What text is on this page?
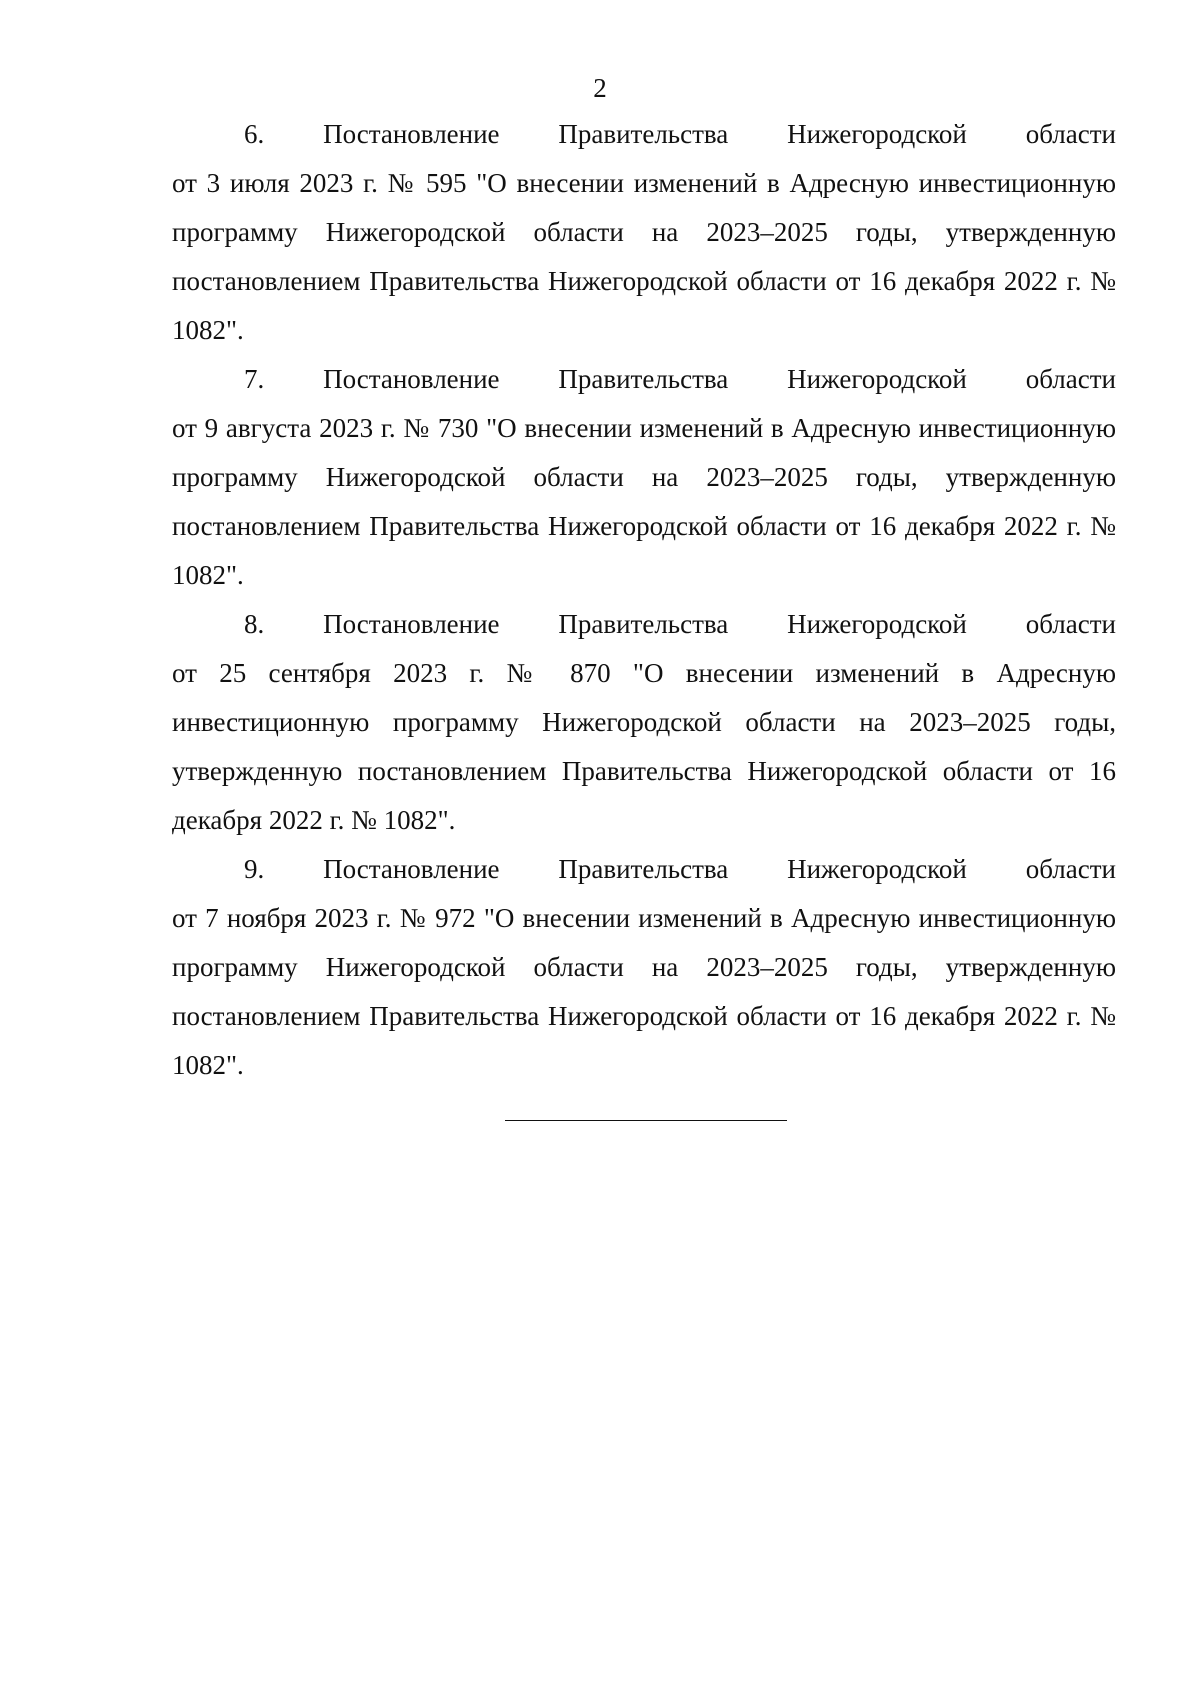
2

6. Постановление Правительства Нижегородской области
от 3 июля 2023 г. № 595 "О внесении изменений в Адресную инвестиционную программу Нижегородской области на 2023–2025 годы, утвержденную постановлением Правительства Нижегородской области от 16 декабря 2022 г. № 1082".

7. Постановление Правительства Нижегородской области
от 9 августа 2023 г. № 730 "О внесении изменений в Адресную инвестиционную программу Нижегородской области на 2023–2025 годы, утвержденную постановлением Правительства Нижегородской области от 16 декабря 2022 г. № 1082".

8. Постановление Правительства Нижегородской области
от 25 сентября 2023 г. № 870 "О внесении изменений в Адресную инвестиционную программу Нижегородской области на 2023–2025 годы, утвержденную постановлением Правительства Нижегородской области от 16 декабря 2022 г. № 1082".

9. Постановление Правительства Нижегородской области
от 7 ноября 2023 г. № 972 "О внесении изменений в Адресную инвестиционную программу Нижегородской области на 2023–2025 годы, утвержденную постановлением Правительства Нижегородской области от 16 декабря 2022 г. № 1082".
